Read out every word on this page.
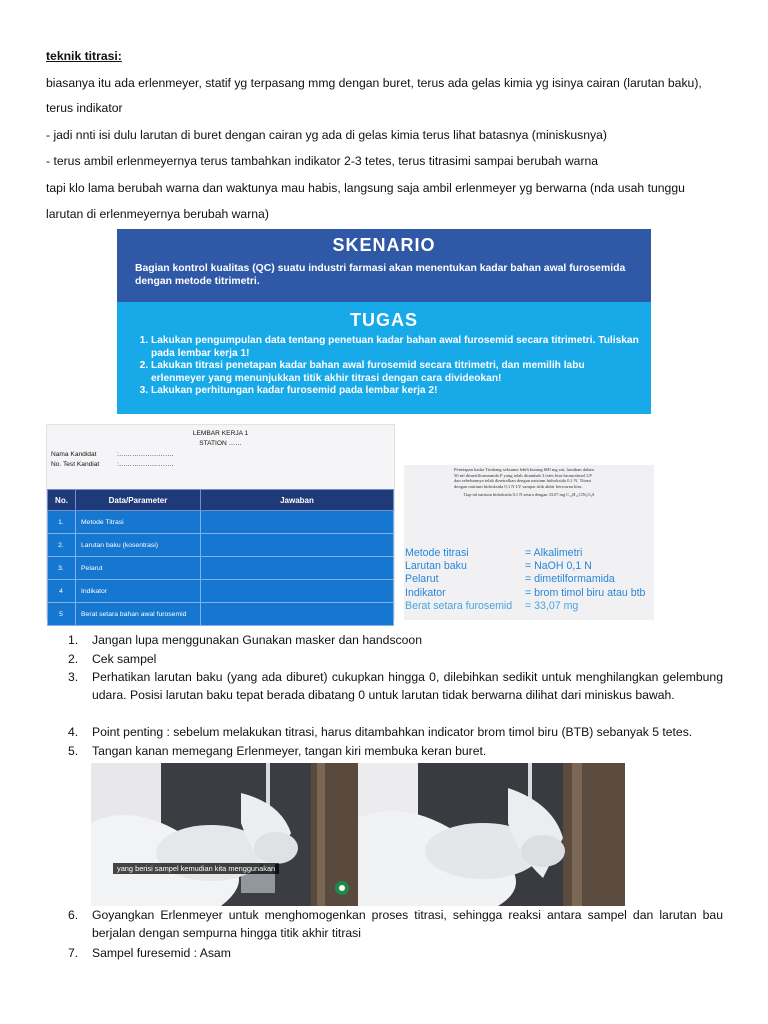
teknik titrasi:
biasanya itu ada erlenmeyer, statif yg terpasang mmg dengan buret, terus ada gelas kimia yg isinya cairan (larutan baku),
terus indikator
- jadi nnti isi dulu larutan di buret dengan cairan yg ada di gelas kimia terus lihat batasnya (miniskusnya)
- terus ambil erlenmeyernya terus tambahkan indikator 2-3 tetes, terus titrasimi sampai berubah warna
tapi klo lama berubah warna dan waktunya mau habis, langsung saja ambil erlenmeyer yg berwarna (nda usah tunggu
larutan di erlenmeyernya berubah warna)
SKENARIO
Bagian kontrol kualitas (QC) suatu industri farmasi akan menentukan kadar bahan awal furosemida dengan metode titrimetri.
TUGAS
1. Lakukan pengumpulan data tentang penetuan kadar bahan awal furosemid secara titrimetri. Tuliskan pada lembar kerja 1!
2. Lakukan titrasi penetapan kadar bahan awal furosemid secara titrimetri, dan memilih labu erlenmeyer yang menunjukkan titik akhir titrasi dengan cara divideokan!
3. Lakukan perhitungan kadar furosemid pada lembar kerja 2!
LEMBAR KERJA 1
STATION ……
Nama Kandidat	:…………………….
No. Test Kandiat	:…………………….
No.	Data/Parameter	Jawaban
1.	Metode Titrasi	
2.	Larutan baku (kosentrasi)	
3.	Pelarut	
4	Indikator	
5	Berat setara bahan awal furosemid	
Penetapan kadar Timbang seksama lebih kurang 600 mg zat, larutkan dalam 50 ml dimetilformamida P yang telah ditambah 3 tetes biru bromotimol LP dan sebelumnya telah dinetralkan dengan natrium hidroksida 0,1 N. Titrasi dengan natrium hidroksida 0,1 N LV sampai titik akhir berwarna biru.
Tiap ml natrium hidroksida 0,1 N setara dengan 33,07 mg C₁₂H₁₁ClN₂O₅S
Metode titrasi	= Alkalimetri
Larutan baku	= NaOH 0,1 N
Pelarut	= dimetilformamida
Indikator	= brom timol biru atau btb
Berat setara furosemid	= 33,07 mg
1. Jangan lupa menggunakan Gunakan masker dan handscoon
2. Cek sampel
3. Perhatikan larutan baku (yang ada diburet) cukupkan hingga 0, dilebihkan sedikit untuk menghilangkan gelembung udara. Posisi larutan baku tepat berada dibatang 0 untuk larutan tidak berwarna dilihat dari miniskus bawah.
4. Point penting : sebelum melakukan titrasi, harus ditambahkan indicator brom timol biru (BTB) sebanyak 5 tetes.
5. Tangan kanan memegang Erlenmeyer, tangan kiri membuka keran buret.
yang berisi sampel kemudian kita menggunakan
6. Goyangkan Erlenmeyer untuk menghomogenkan proses titrasi, sehingga reaksi antara sampel dan larutan bau berjalan dengan sempurna hingga titik akhir titrasi
7. Sampel furesemid : Asam
